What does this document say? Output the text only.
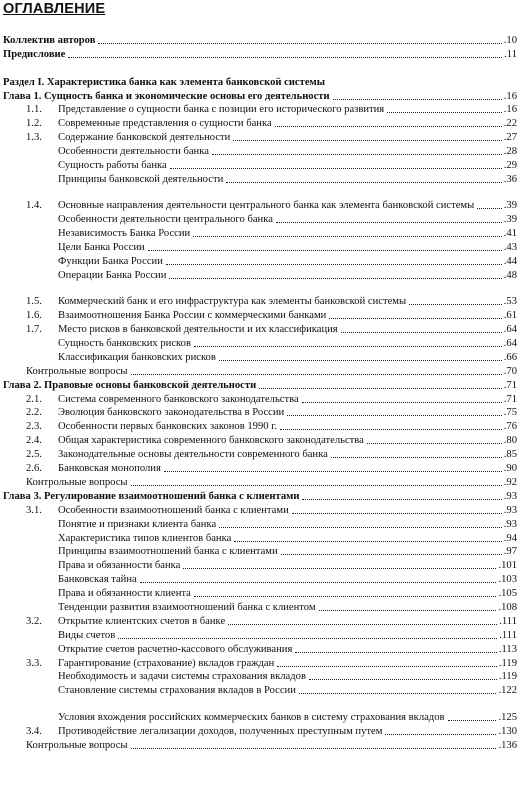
ОГЛАВЛЕНИЕ
Коллектив авторов	.10
Предисловие	.11
Раздел I. Характеристика банка как элемента банковской системы
Глава 1. Сущность банка и экономические основы его деятельности	.16
1.1. Представление о сущности банка с позиции его исторического развития	.16
1.2. Современные представления о сущности банка	.22
1.3. Содержание банковской деятельности	.27
Особенности деятельности банка	.28
Сущность работы банка	.29
Принципы банковской деятельности	.36
1.4. Основные направления деятельности центрального банка как элемента банковской системы	.39
Особенности деятельности центрального банка	.39
Независимость Банка России	.41
Цели Банка России	.43
Функции Банка России	.44
Операции Банка России	.48
1.5. Коммерческий банк и его инфраструктура как элементы банковской системы	.53
1.6. Взаимоотношения Банка России с коммерческими банками	.61
1.7. Место рисков в банковской деятельности и их классификация	.64
Сущность банковских рисков	.64
Классификация банковских рисков	.66
Контрольные вопросы	.70
Глава 2. Правовые основы банковской деятельности	.71
2.1. Система современного банковского законодательства	.71
2.2. Эволюция банковского законодательства в России	.75
2.3. Особенности первых банковских законов 1990 г.	.76
2.4. Общая характеристика современного банковского законодательства	.80
2.5. Законодательные основы деятельности современного банка	.85
2.6. Банковская монополия	.90
Контрольные вопросы	.92
Глава 3. Регулирование взаимоотношений банка с клиентами	.93
3.1. Особенности взаимоотношений банка с клиентами	.93
Понятие и признаки клиента банка	.93
Характеристика типов клиентов банка	.94
Принципы взаимоотношений банка с клиентами	.97
Права и обязанности банка	.101
Банковская тайна	.103
Права и обязанности клиента	.105
Тенденции развития взаимоотношений банка с клиентом	.108
3.2. Открытие клиентских счетов в банке	.111
Виды счетов	.111
Открытие счетов расчетно-кассового обслуживания	.113
3.3. Гарантирование (страхование) вкладов граждан	.119
Необходимость и задачи системы страхования вкладов	.119
Становление системы страхования вкладов в России	.122
Условия вхождения российских коммерческих банков в систему страхования вкладов	.125
3.4. Противодействие легализации доходов, полученных преступным путем	.130
Контрольные вопросы	.136
